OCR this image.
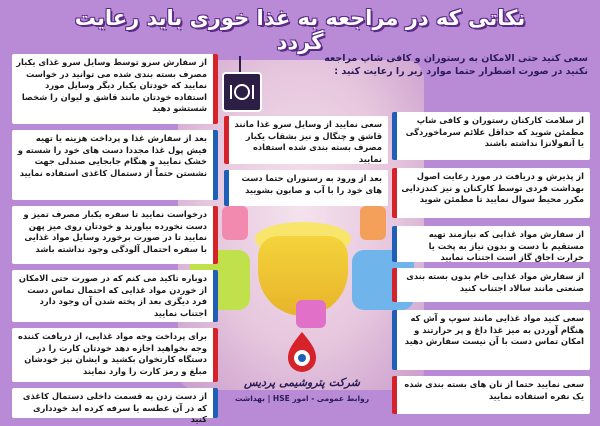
نکاتی که در مراجعه به غذا خوری باید رعایت گردد
سعی کنید حتی الامکان به رستوران و کافی شاپ مراجعه نکنید در صورت اضطرار حتما موارد زیر را رعایت کنید :
از سفارش سرو توسط وسایل سرو غذای یکبار مصرف بسته بندی شده می توانید در خواست نمایید که خودتان یکبار دیگر وسایل مورد استفاده خودتان مانند قاشق و لیوان را شخصا شستشو دهید
بعد از سفارش غذا و پرداخت هزینه یا تهیه فیش پول غذا مجددا دست های خود را شسته و خشک نمایید و هنگام جابجایی صندلی جهت نشستن حتماً از دستمال کاغذی استفاده نمایید
درخواست نمایید تا سفره یکبار مصرف تمیز و دست نخورده بیاورند و خودتان روی میز پهن نمایید تا در صورت برخورد وسایل مواد غذایی با سفره احتمال آلودگی وجود نداشته باشد
دوباره تاکید می کنم که در صورت حتی الامکان از خوردن مواد غذایی که احتمال تماس دست فرد دیگری بعد از پخته شدن آن وجود دارد اجتناب نمایید
برای پرداخت وجه مواد غذایی، از دریافت کننده وجه بخواهید اجازه دهد خودتان کارت را در دستگاه کارتخوان بکشید و ایشان نیز خودشان مبلغ و رمز کارت را وارد نمایند
از دست زدن به قسمت داخلی دستمال کاغذی که در آن عطسه یا سرفه کرده اید خودداری کنید
سعی نمایید از وسایل سرو غذا مانند قاشق و چنگال و نیز بشقاب یکبار مصرف بسته بندی شده استفاده نمایید
بعد از ورود به رستوران حتما دست های خود را با آب و صابون بشویید
از سلامت کارکنان رستوران و کافی شاپ مطمئن شوید که حداقل علائم سرماخوردگی یا آنفولانزا نداشته باشند
از پذیرش و دریافت در مورد رعایت اصول بهداشت فردی توسط کارکنان و نیز کندزدایی مکرر محیط سوال نمایید تا مطمئن شوید
از سفارش مواد غذایی که نیازمند تهیه مستقیم با دست و بدون نیاز به پخت یا حرارت اجاق گاز است اجتناب نمایید
از سفارش مواد غذایی خام بدون بسته بندی صنعتی مانند سالاد اجتناب کنید
سعی کنید مواد غذایی مانند سوپ و آش که هنگام آوردن به میز غذا داغ و پر حرارتند و امکان تماس دست با آن نیست سفارش دهید
سعی نمایید حتما از نان های بسته بندی شده یک نفره استفاده نمایید
شرکت پتروشیمی پردیس
روابط عمومی - امور HSE | بهداشت
